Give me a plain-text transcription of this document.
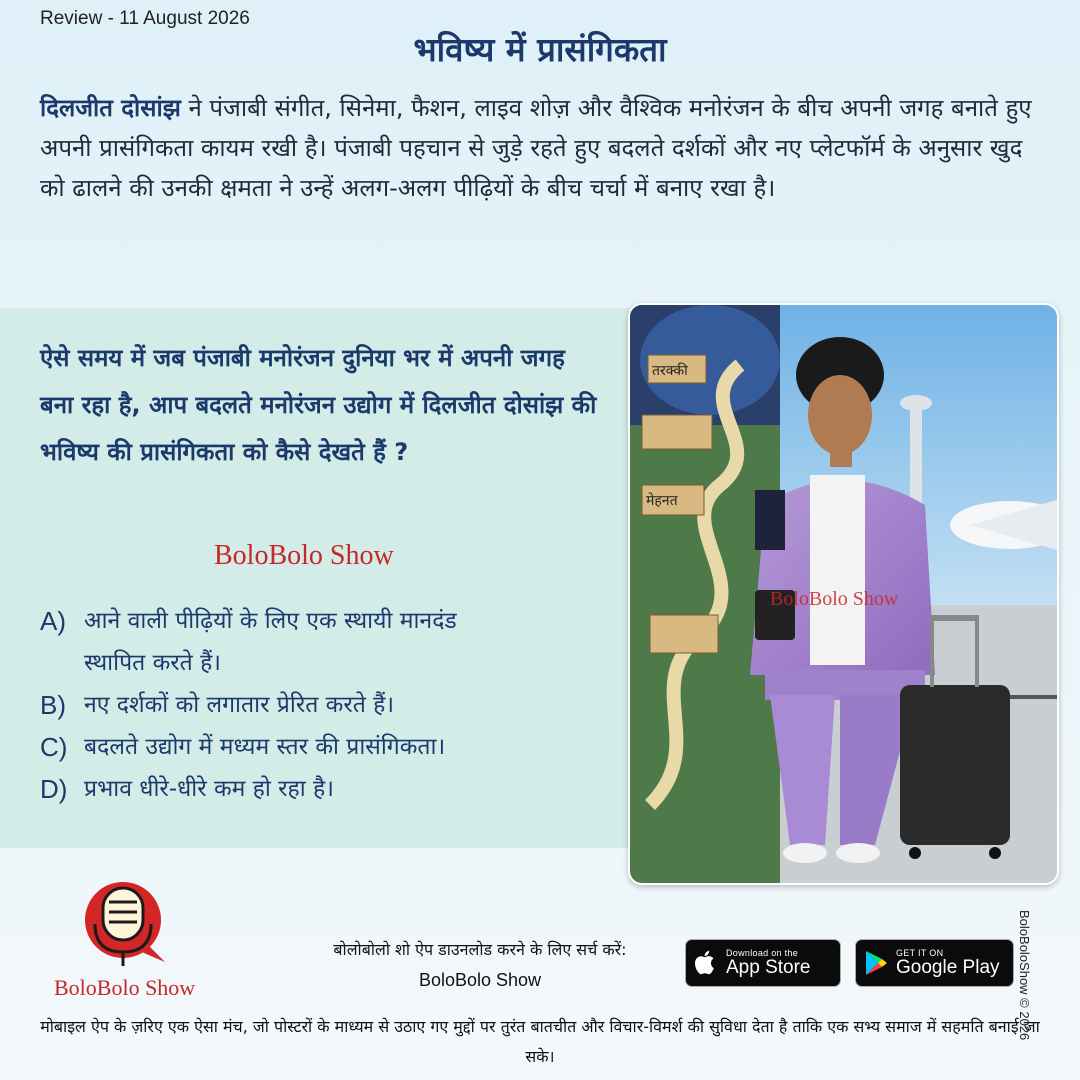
Review - 11 August 2026
भविष्य में प्रासंगिकता
दिलजीत दोसांझ ने पंजाबी संगीत, सिनेमा, फैशन, लाइव शोज़ और वैश्विक मनोरंजन के बीच अपनी जगह बनाते हुए अपनी प्रासंगिकता कायम रखी है। पंजाबी पहचान से जुड़े रहते हुए बदलते दर्शकों और नए प्लेटफॉर्म के अनुसार खुद को ढालने की उनकी क्षमता ने उन्हें अलग-अलग पीढ़ियों के बीच चर्चा में बनाए रखा है।
ऐसे समय में जब पंजाबी मनोरंजन दुनिया भर में अपनी जगह बना रहा है, आप बदलते मनोरंजन उद्योग में दिलजीत दोसांझ की भविष्य की प्रासंगिकता को कैसे देखते हैं ?
BoloBolo Show
A) आने वाली पीढ़ियों के लिए एक स्थायी मानदंड स्थापित करते हैं।
B) नए दर्शकों को लगातार प्रेरित करते हैं।
C) बदलते उद्योग में मध्यम स्तर की प्रासंगिकता।
D) प्रभाव धीरे-धीरे कम हो रहा है।
तरक्की
मेहनत
BoloBolo Show
BoloBolo Show
बोलोबोलो शो ऐप डाउनलोड करने के लिए सर्च करें:
BoloBolo Show
Download on the
App Store
GET IT ON
Google Play
मोबाइल ऐप के ज़रिए एक ऐसा मंच, जो पोस्टरों के माध्यम से उठाए गए मुद्दों पर तुरंत बातचीत और विचार-विमर्श की सुविधा देता है ताकि एक सभ्य समाज में सहमति बनाई जा सके।
BoloBoloShow © 2026
